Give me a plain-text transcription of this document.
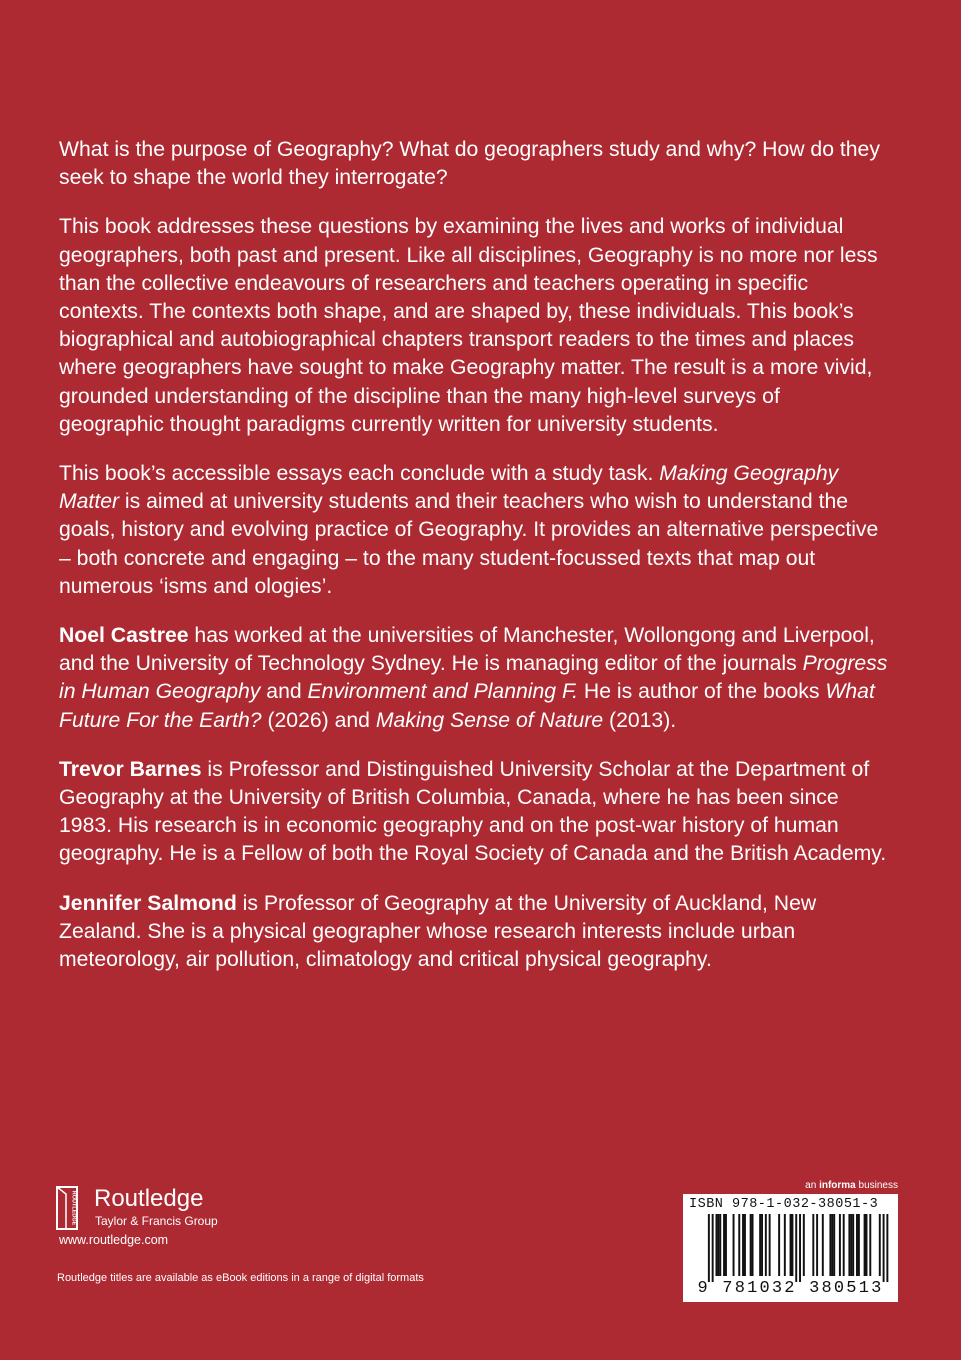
What is the purpose of Geography? What do geographers study and why? How do they seek to shape the world they interrogate?

This book addresses these questions by examining the lives and works of individual geographers, both past and present. Like all disciplines, Geography is no more nor less than the collective endeavours of researchers and teachers operating in specific contexts. The contexts both shape, and are shaped by, these individuals. This book’s biographical and autobiographical chapters transport readers to the times and places where geographers have sought to make Geography matter. The result is a more vivid, grounded understanding of the discipline than the many high-level surveys of geographic thought paradigms currently written for university students.

This book’s accessible essays each conclude with a study task. Making Geography Matter is aimed at university students and their teachers who wish to understand the goals, history and evolving practice of Geography. It provides an alternative perspective – both concrete and engaging – to the many student-focussed texts that map out numerous ‘isms and ologies’.

Noel Castree has worked at the universities of Manchester, Wollongong and Liverpool, and the University of Technology Sydney. He is managing editor of the journals Progress in Human Geography and Environment and Planning F. He is author of the books What Future For the Earth? (2026) and Making Sense of Nature (2013).

Trevor Barnes is Professor and Distinguished University Scholar at the Department of Geography at the University of British Columbia, Canada, where he has been since 1983. His research is in economic geography and on the post-war history of human geography. He is a Fellow of both the Royal Society of Canada and the British Academy.

Jennifer Salmond is Professor of Geography at the University of Auckland, New Zealand. She is a physical geographer whose research interests include urban meteorology, air pollution, climatology and critical physical geography.

ROUTLEDGE Routledge
Taylor & Francis Group
www.routledge.com
Routledge titles are available as eBook editions in a range of digital formats
an informa business
ISBN 978-1-032-38051-3
9 781032 380513
